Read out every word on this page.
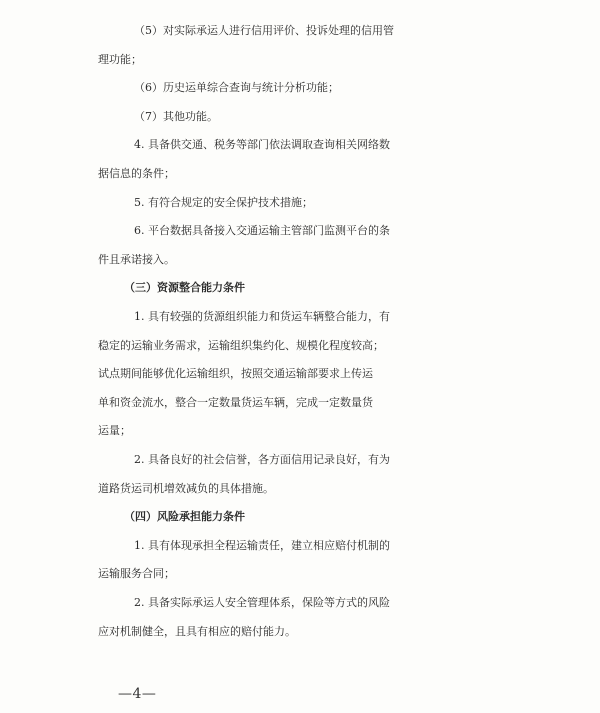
（5）对实际承运人进行信用评价、投诉处理的信用管
理功能；
（6）历史运单综合查询与统计分析功能；
（7）其他功能。
4. 具备供交通、税务等部门依法调取查询相关网络数
据信息的条件；
5. 有符合规定的安全保护技术措施；
6. 平台数据具备接入交通运输主管部门监测平台的条
件且承诺接入。
（三）资源整合能力条件
1. 具有较强的货源组织能力和货运车辆整合能力，有
稳定的运输业务需求，运输组织集约化、规模化程度较高；
试点期间能够优化运输组织，按照交通运输部要求上传运
单和资金流水，整合一定数量货运车辆，完成一定数量货
运量；
2. 具备良好的社会信誉，各方面信用记录良好，有为
道路货运司机增效减负的具体措施。
（四）风险承担能力条件
1. 具有体现承担全程运输责任，建立相应赔付机制的
运输服务合同；
2. 具备实际承运人安全管理体系，保险等方式的风险
应对机制健全，且具有相应的赔付能力。
—4—
